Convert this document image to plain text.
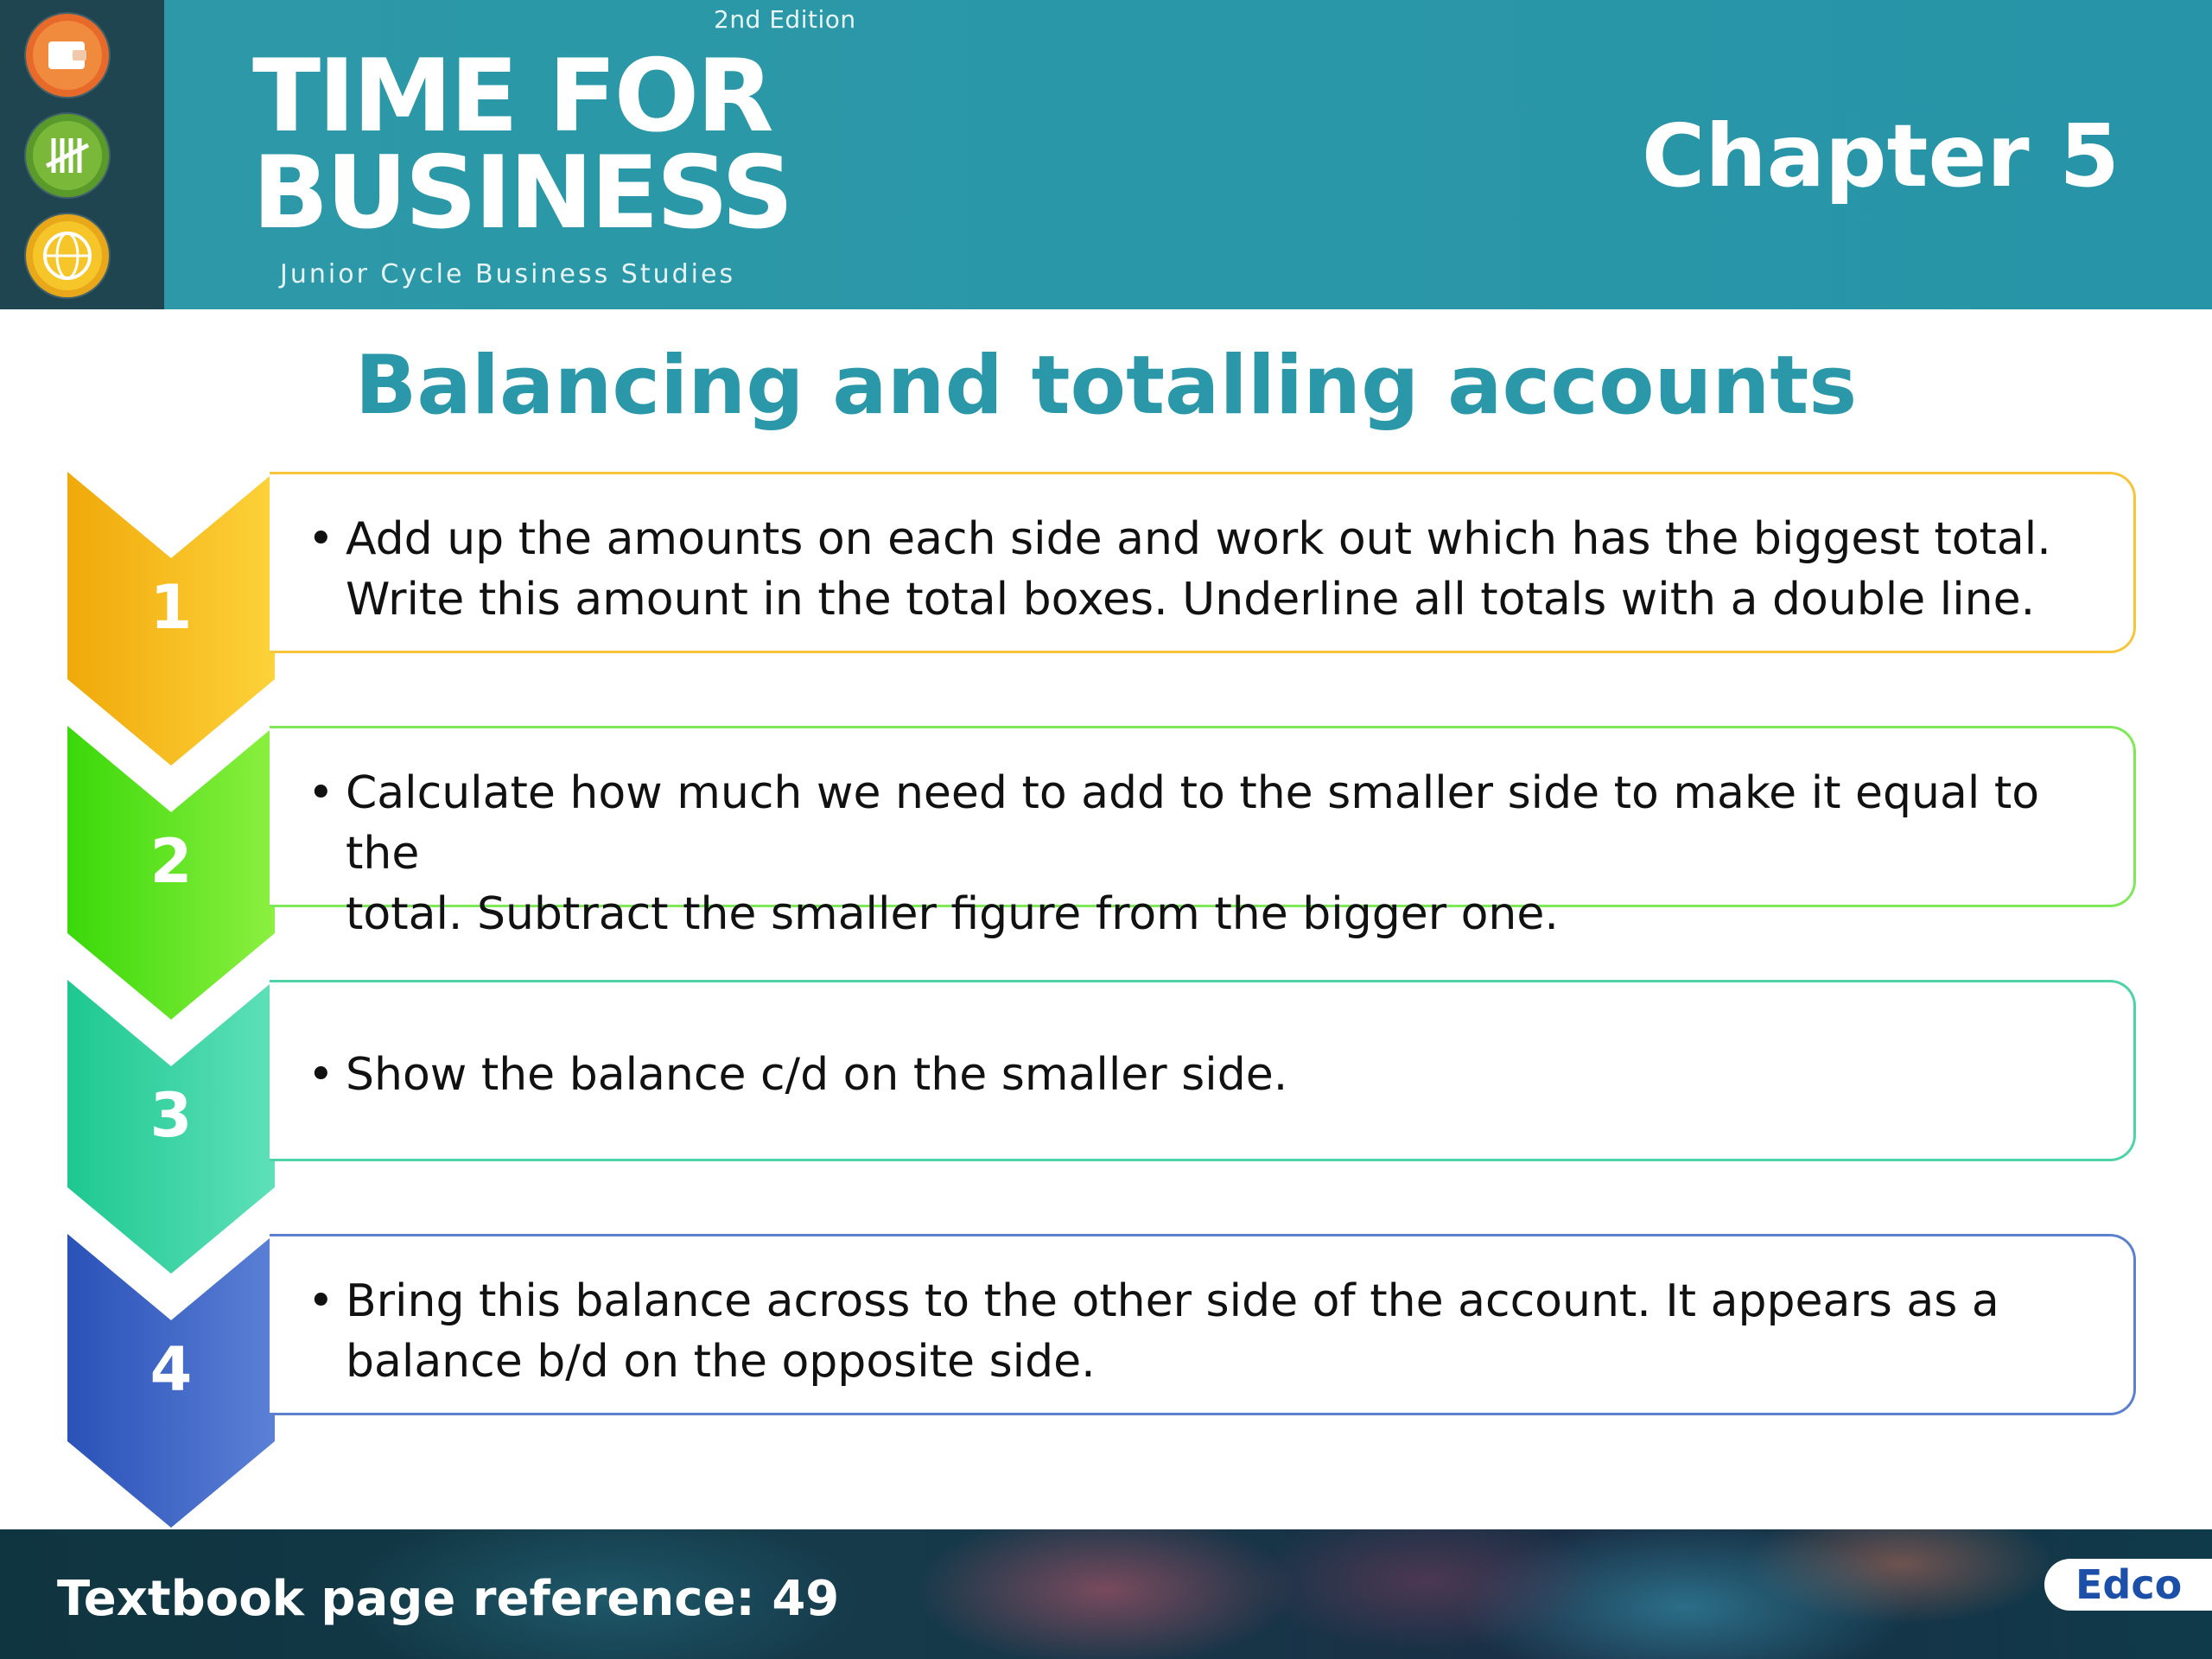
2nd Edition
TIME FOR
BUSINESS
Junior Cycle Business Studies
Chapter 5
Balancing and totalling accounts
1
• Add up the amounts on each side and work out which has the biggest total.
Write this amount in the total boxes. Underline all totals with a double line.
2
• Calculate how much we need to add to the smaller side to make it equal to the
total. Subtract the smaller figure from the bigger one.
3
• Show the balance c/d on the smaller side.
4
• Bring this balance across to the other side of the account. It appears as a
balance b/d on the opposite side.
Textbook page reference: 49	Edco
